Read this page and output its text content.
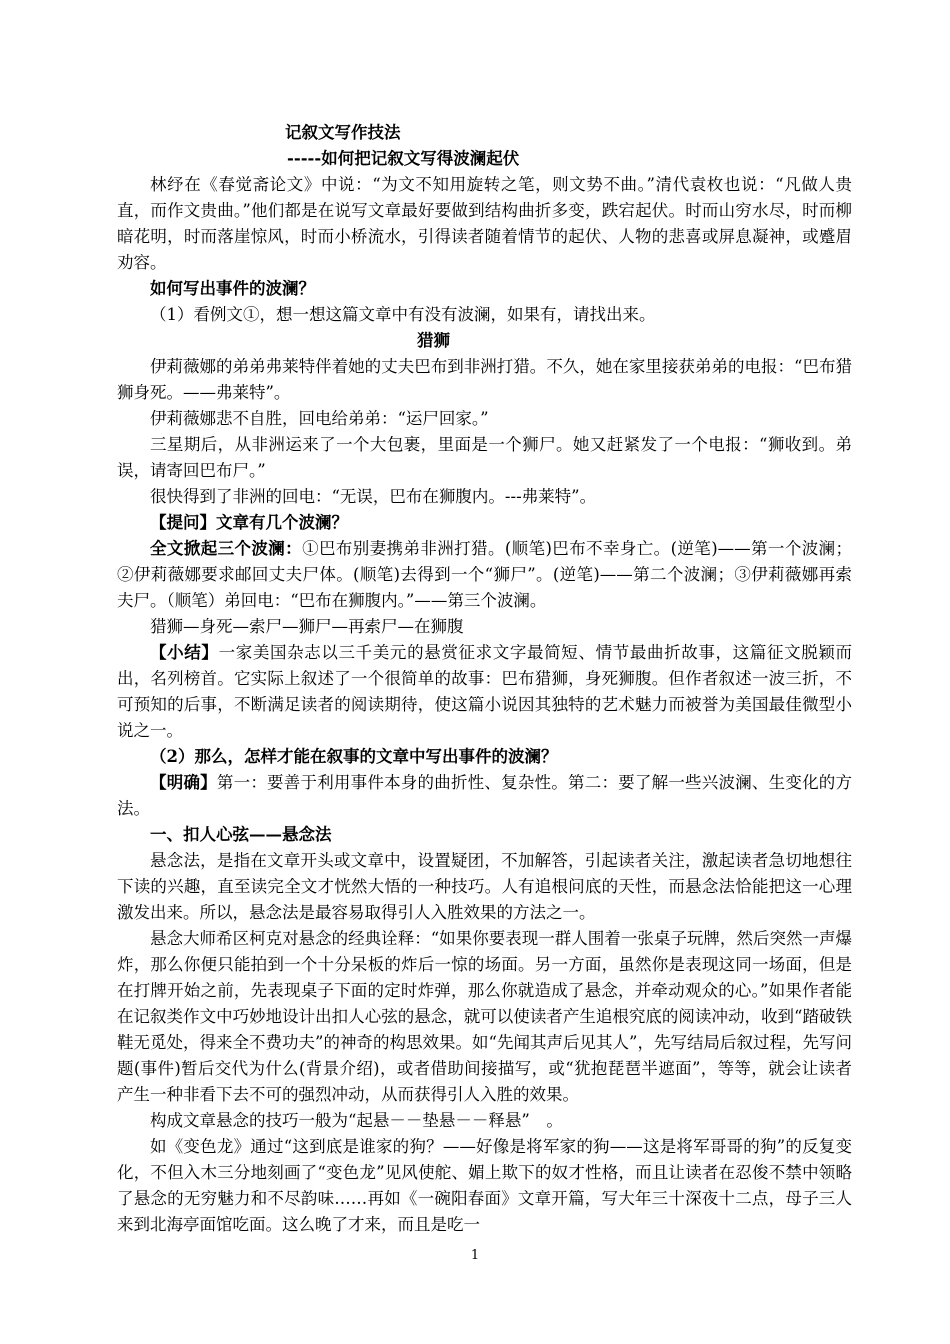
记叙文写作技法

-----如何把记叙文写得波澜起伏

林纾在《春觉斋论文》中说：“为文不知用旋转之笔，则文势不曲。”清代袁枚也说：“凡做人贵直，而作文贵曲。”他们都是在说写文章最好要做到结构曲折多变，跌宕起伏。时而山穷水尽，时而柳暗花明，时而落崖惊风，时而小桥流水，引得读者随着情节的起伏、人物的悲喜或屏息凝神，或蹙眉劝容。

如何写出事件的波澜？

（1）看例文①，想一想这篇文章中有没有波澜，如果有，请找出来。

猎狮

伊莉薇娜的弟弟弗莱特伴着她的丈夫巴布到非洲打猎。不久，她在家里接获弟弟的电报：“巴布猎狮身死。——弗莱特”。

伊莉薇娜悲不自胜，回电给弟弟：“运尸回家。”

三星期后，从非洲运来了一个大包裹，里面是一个狮尸。她又赶紧发了一个电报：“狮收到。弟误，请寄回巴布尸。”

很快得到了非洲的回电：“无误，巴布在狮腹内。---弗莱特”。

【提问】文章有几个波澜？

全文掀起三个波澜：①巴布别妻携弟非洲打猎。(顺笔)巴布不幸身亡。(逆笔)——第一个波澜；②伊莉薇娜要求邮回丈夫尸体。(顺笔)去得到一个“狮尸”。(逆笔)——第二个波澜；③伊莉薇娜再索夫尸。（顺笔）弟回电：“巴布在狮腹内。”——第三个波澜。

猎狮—身死—索尸—狮尸—再索尸—在狮腹

【小结】一家美国杂志以三千美元的悬赏征求文字最简短、情节最曲折故事，这篇征文脱颖而出，名列榜首。它实际上叙述了一个很简单的故事：巴布猎狮，身死狮腹。但作者叙述一波三折，不可预知的后事，不断满足读者的阅读期待，使这篇小说因其独特的艺术魅力而被誉为美国最佳微型小说之一。

（2）那么，怎样才能在叙事的文章中写出事件的波澜？

【明确】第一：要善于利用事件本身的曲折性、复杂性。第二：要了解一些兴波澜、生变化的方法。

一、扣人心弦——悬念法

悬念法，是指在文章开头或文章中，设置疑团，不加解答，引起读者关注，激起读者急切地想往下读的兴趣，直至读完全文才恍然大悟的一种技巧。人有追根问底的天性，而悬念法恰能把这一心理激发出来。所以，悬念法是最容易取得引人入胜效果的方法之一。

悬念大师希区柯克对悬念的经典诠释：“如果你要表现一群人围着一张桌子玩牌，然后突然一声爆炸，那么你便只能拍到一个十分呆板的炸后一惊的场面。另一方面，虽然你是表现这同一场面，但是在打牌开始之前，先表现桌子下面的定时炸弹，那么你就造成了悬念，并牵动观众的心。”如果作者能在记叙类作文中巧妙地设计出扣人心弦的悬念，就可以使读者产生追根究底的阅读冲动，收到“踏破铁鞋无觅处，得来全不费功夫”的神奇的构思效果。如“先闻其声后见其人”，先写结局后叙过程，先写问题(事件)暂后交代为什么(背景介绍)，或者借助间接描写，或“犹抱琵琶半遮面”，等等，就会让读者产生一种非看下去不可的强烈冲动，从而获得引人入胜的效果。

构成文章悬念的技巧一般为“起悬－－垫悬－－释悬”　。

如《变色龙》通过“这到底是谁家的狗？——好像是将军家的狗——这是将军哥哥的狗”的反复变化，不但入木三分地刻画了“变色龙”见风使舵、媚上欺下的奴才性格，而且让读者在忍俊不禁中领略了悬念的无穷魅力和不尽韵味……再如《一碗阳春面》文章开篇，写大年三十深夜十二点，母子三人来到北海亭面馆吃面。这么晚了才来，而且是吃一

1
